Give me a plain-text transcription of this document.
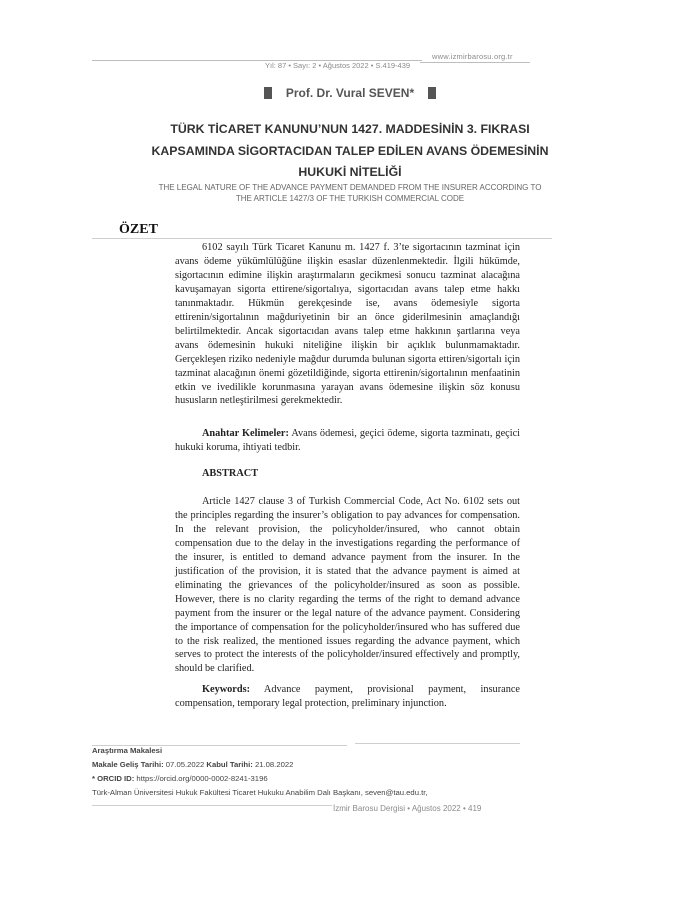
www.izmirbarosu.org.tr
Yıl: 87 • Sayı: 2 • Ağustos 2022 • S.419-439
Prof. Dr. Vural SEVEN*
TÜRK TİCARET KANUNU’NUN 1427. MADDESİNİN 3. FIKRASI
KAPSAMINDA SİGORTACIDAN TALEP EDİLEN AVANS ÖDEMESİNİN
HUKUKİ NİTELİĞİ
THE LEGAL NATURE OF THE ADVANCE PAYMENT DEMANDED FROM THE INSURER ACCORDING TO
THE ARTICLE 1427/3 OF THE TURKISH COMMERCIAL CODE
ÖZET

6102 sayılı Türk Ticaret Kanunu m. 1427 f. 3’te sigortacının tazminat için avans ödeme yükümlülüğüne ilişkin esaslar düzenlenmektedir. İlgili hükümde, sigortacının edimine ilişkin araştırmaların gecikmesi sonucu tazminat alacağına kavuşamayan sigorta ettirene/sigortalıya, sigortacıdan avans talep etme hakkı tanınmaktadır. Hükmün gerekçesinde ise, avans ödemesiyle sigorta ettirenin/sigortalının mağduriyetinin bir an önce giderilmesinin amaçlandığı belirtilmektedir. Ancak sigortacıdan avans talep etme hakkının şartlarına veya avans ödemesinin hukuki niteliğine ilişkin bir açıklık bulunmamaktadır. Gerçekleşen riziko nedeniyle mağdur durumda bulunan sigorta ettiren/sigortalı için tazminat alacağının önemi gözetildiğinde, sigorta ettirenin/sigortalının menfaatinin etkin ve ivedilikle korunmasına yarayan avans ödemesine ilişkin söz konusu hususların netleştirilmesi gerekmektedir.

Anahtar Kelimeler: Avans ödemesi, geçici ödeme, sigorta tazminatı, geçici hukuki koruma, ihtiyati tedbir.

ABSTRACT

Article 1427 clause 3 of Turkish Commercial Code, Act No. 6102 sets out the principles regarding the insurer’s obligation to pay advances for compensation. In the relevant provision, the policyholder/insured, who cannot obtain compensation due to the delay in the investigations regarding the performance of the insurer, is entitled to demand advance payment from the insurer. In the justification of the provision, it is stated that the advance payment is aimed at eliminating the grievances of the policyholder/insured as soon as possible. However, there is no clarity regarding the terms of the right to demand advance payment from the insurer or the legal nature of the advance payment. Considering the importance of compensation for the policyholder/insured who has suffered due to the risk realized, the mentioned issues regarding the advance payment, which serves to protect the interests of the policyholder/insured effectively and promptly, should be clarified.

Keywords: Advance payment, provisional payment, insurance compensation, temporary legal protection, preliminary injunction.

Araştırma Makalesi
Makale Geliş Tarihi: 07.05.2022 Kabul Tarihi: 21.08.2022
* ORCID ID: https://orcid.org/0000-0002-8241-3196
Türk-Alman Üniversitesi Hukuk Fakültesi Ticaret Hukuku Anabilim Dalı Başkanı, seven@tau.edu.tr,
İzmir Barosu Dergisi • Ağustos 2022 • 419
